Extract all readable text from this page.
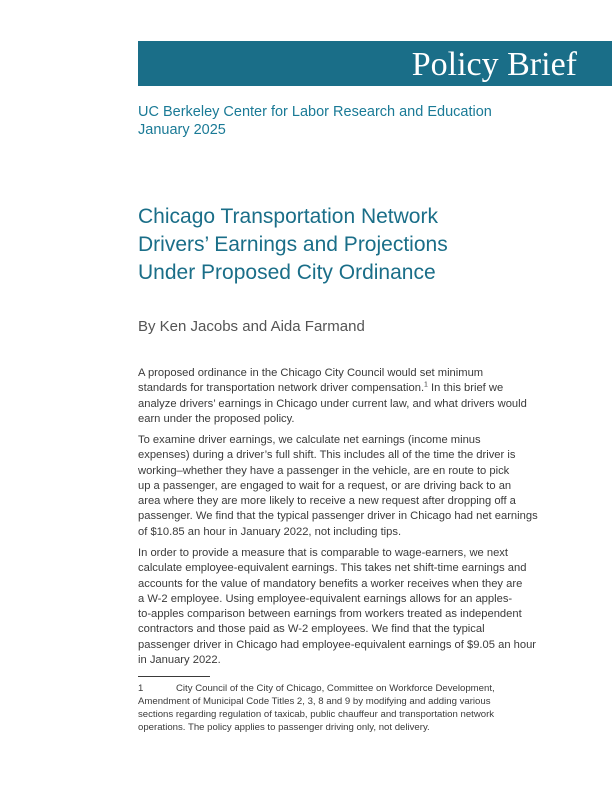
Policy Brief
UC Berkeley Center for Labor Research and Education
January 2025
Chicago Transportation Network
Drivers’ Earnings and Projections
Under Proposed City Ordinance
By Ken Jacobs and Aida Farmand

A proposed ordinance in the Chicago City Council would set minimum
standards for transportation network driver compensation.$^1$ In this brief we
analyze drivers’ earnings in Chicago under current law, and what drivers would
earn under the proposed policy.

To examine driver earnings, we calculate net earnings (income minus
expenses) during a driver’s full shift. This includes all of the time the driver is
working–whether they have a passenger in the vehicle, are en route to pick
up a passenger, are engaged to wait for a request, or are driving back to an
area where they are more likely to receive a new request after dropping off a
passenger. We find that the typical passenger driver in Chicago had net earnings
of $10.85 an hour in January 2022, not including tips.

In order to provide a measure that is comparable to wage-earners, we next
calculate employee-equivalent earnings. This takes net shift-time earnings and
accounts for the value of mandatory benefits a worker receives when they are
a W-2 employee. Using employee-equivalent earnings allows for an apples-
to-apples comparison between earnings from workers treated as independent
contractors and those paid as W-2 employees. We find that the typical
passenger driver in Chicago had employee-equivalent earnings of $9.05 an hour
in January 2022.

1	City Council of the City of Chicago, Committee on Workforce Development,
Amendment of Municipal Code Titles 2, 3, 8 and 9 by modifying and adding various
sections regarding regulation of taxicab, public chauffeur and transportation network
operations. The policy applies to passenger driving only, not delivery.
